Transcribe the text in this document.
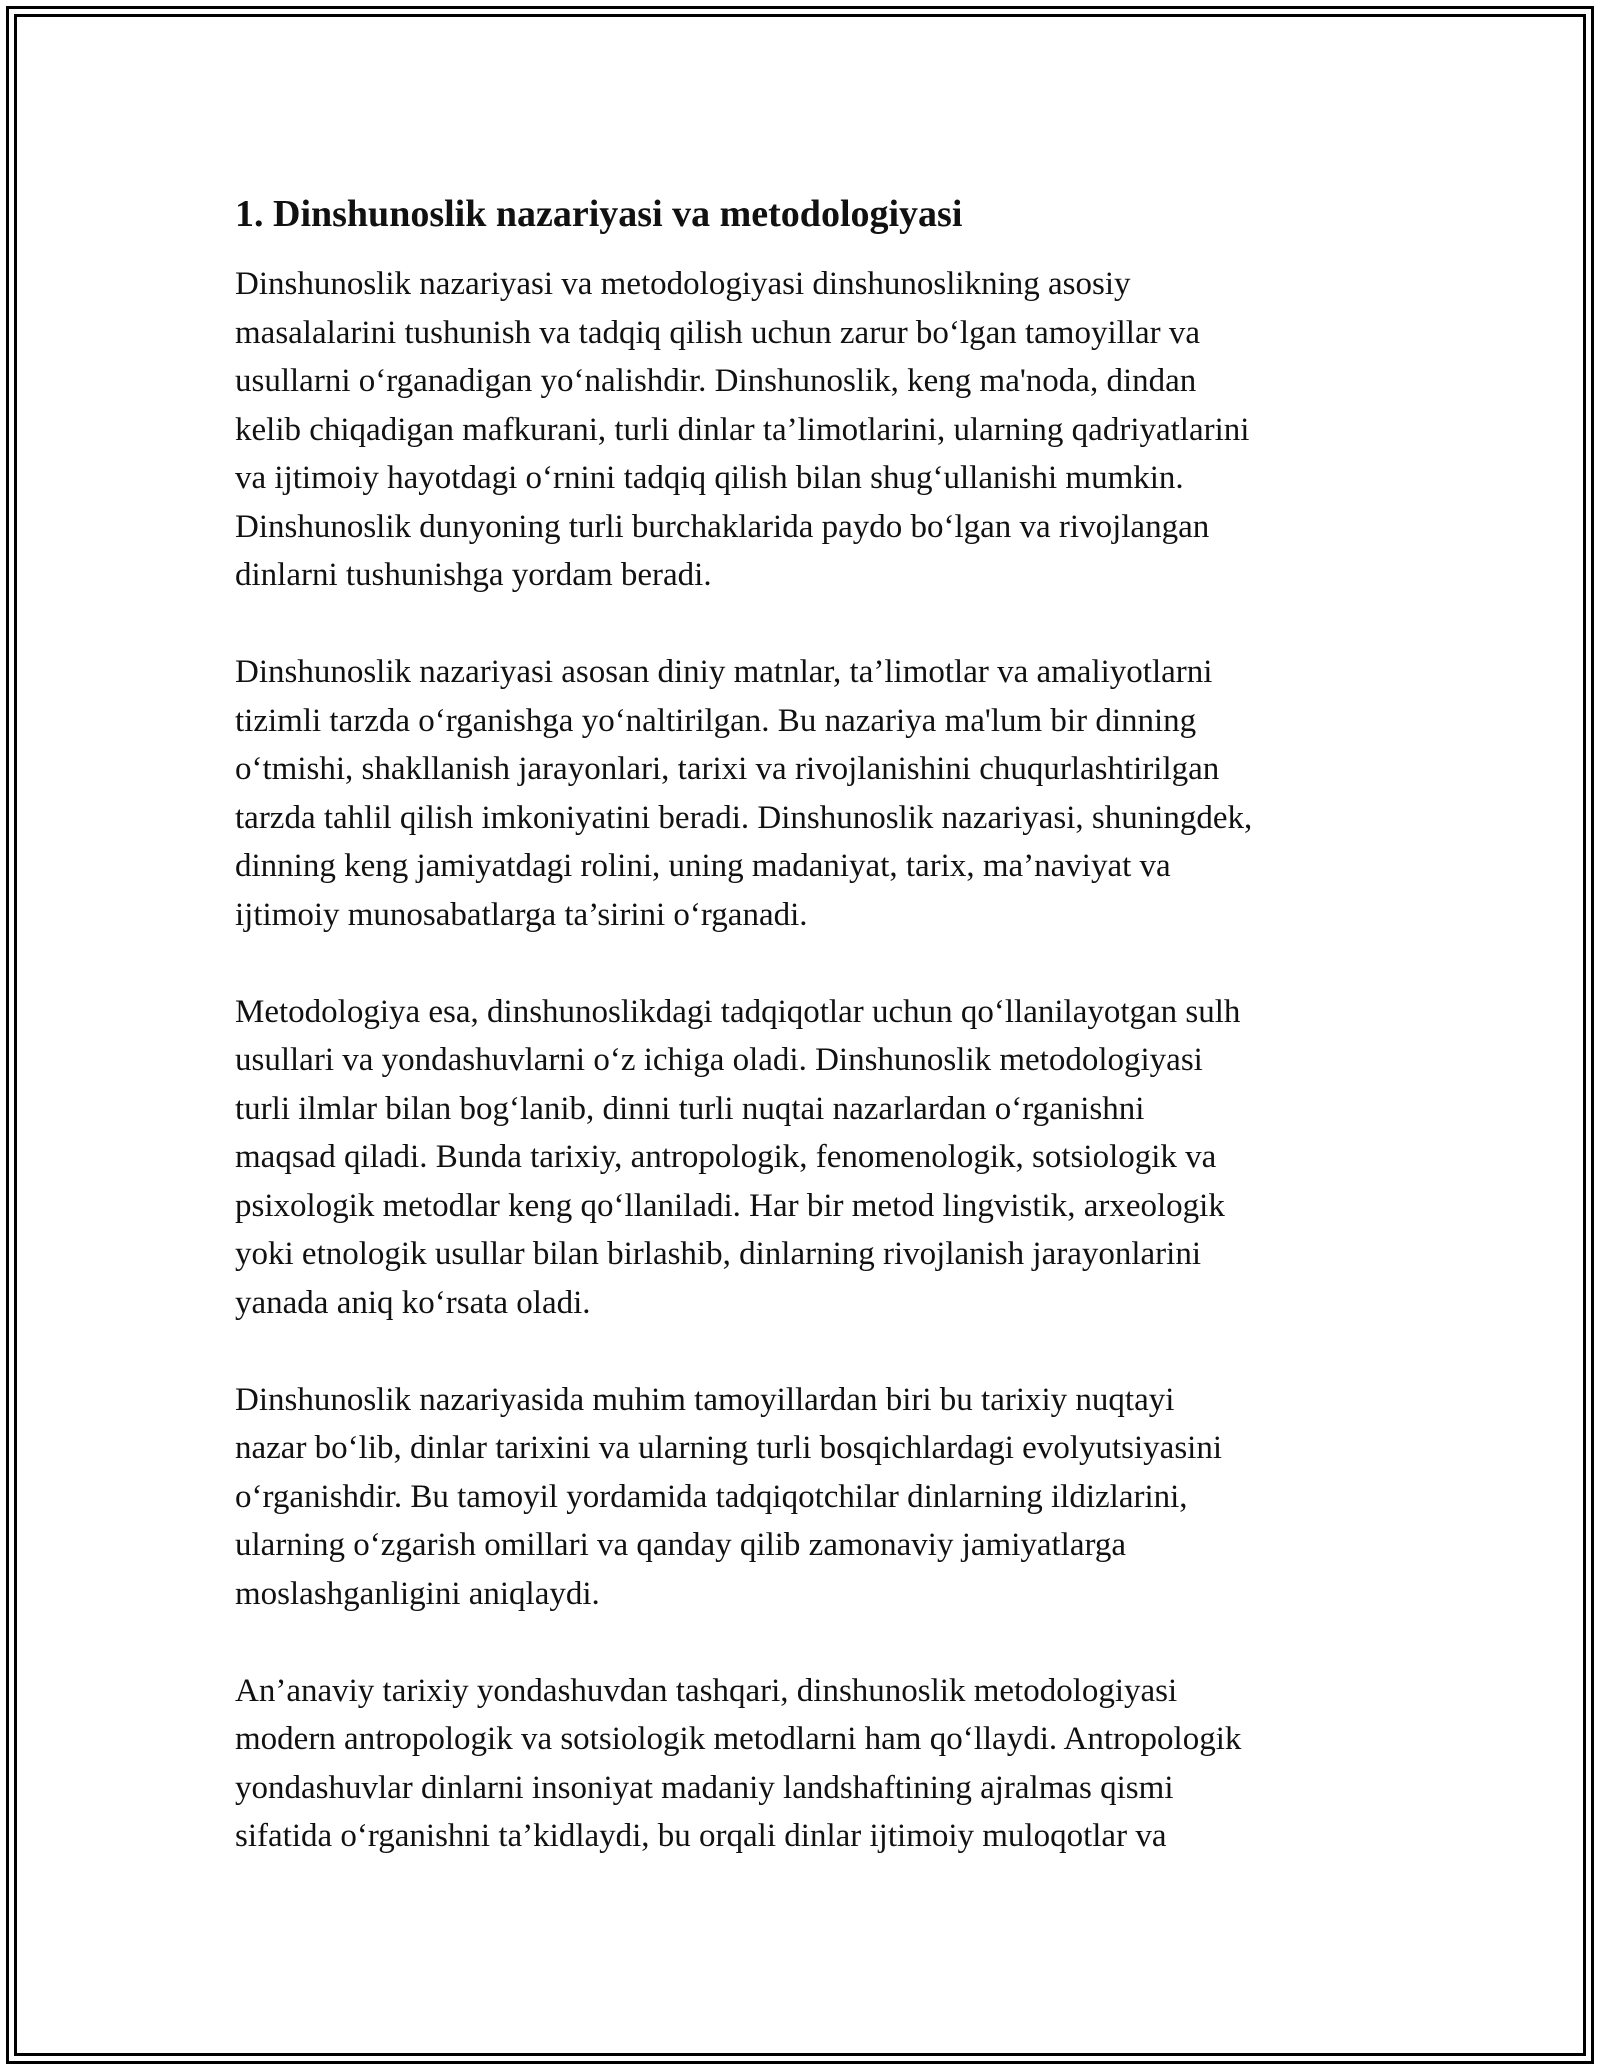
1. Dinshunoslik nazariyasi va metodologiyasi

Dinshunoslik nazariyasi va metodologiyasi dinshunoslikning asosiy
masalalarini tushunish va tadqiq qilish uchun zarur bo‘lgan tamoyillar va
usullarni o‘rganadigan yo‘nalishdir. Dinshunoslik, keng ma'noda, dindan
kelib chiqadigan mafkurani, turli dinlar ta’limotlarini, ularning qadriyatlarini
va ijtimoiy hayotdagi o‘rnini tadqiq qilish bilan shug‘ullanishi mumkin.
Dinshunoslik dunyoning turli burchaklarida paydo bo‘lgan va rivojlangan
dinlarni tushunishga yordam beradi.

Dinshunoslik nazariyasi asosan diniy matnlar, ta’limotlar va amaliyotlarni
tizimli tarzda o‘rganishga yo‘naltirilgan. Bu nazariya ma'lum bir dinning
o‘tmishi, shakllanish jarayonlari, tarixi va rivojlanishini chuqurlashtirilgan
tarzda tahlil qilish imkoniyatini beradi. Dinshunoslik nazariyasi, shuningdek,
dinning keng jamiyatdagi rolini, uning madaniyat, tarix, ma’naviyat va
ijtimoiy munosabatlarga ta’sirini o‘rganadi.

Metodologiya esa, dinshunoslikdagi tadqiqotlar uchun qo‘llanilayotgan sulh
usullari va yondashuvlarni o‘z ichiga oladi. Dinshunoslik metodologiyasi
turli ilmlar bilan bog‘lanib, dinni turli nuqtai nazarlardan o‘rganishni
maqsad qiladi. Bunda tarixiy, antropologik, fenomenologik, sotsiologik va
psixologik metodlar keng qo‘llaniladi. Har bir metod lingvistik, arxeologik
yoki etnologik usullar bilan birlashib, dinlarning rivojlanish jarayonlarini
yanada aniq ko‘rsata oladi.

Dinshunoslik nazariyasida muhim tamoyillardan biri bu tarixiy nuqtayi
nazar bo‘lib, dinlar tarixini va ularning turli bosqichlardagi evolyutsiyasini
o‘rganishdir. Bu tamoyil yordamida tadqiqotchilar dinlarning ildizlarini,
ularning o‘zgarish omillari va qanday qilib zamonaviy jamiyatlarga
moslashganligini aniqlaydi.

An’anaviy tarixiy yondashuvdan tashqari, dinshunoslik metodologiyasi
modern antropologik va sotsiologik metodlarni ham qo‘llaydi. Antropologik
yondashuvlar dinlarni insoniyat madaniy landshaftining ajralmas qismi
sifatida o‘rganishni ta’kidlaydi, bu orqali dinlar ijtimoiy muloqotlar va
